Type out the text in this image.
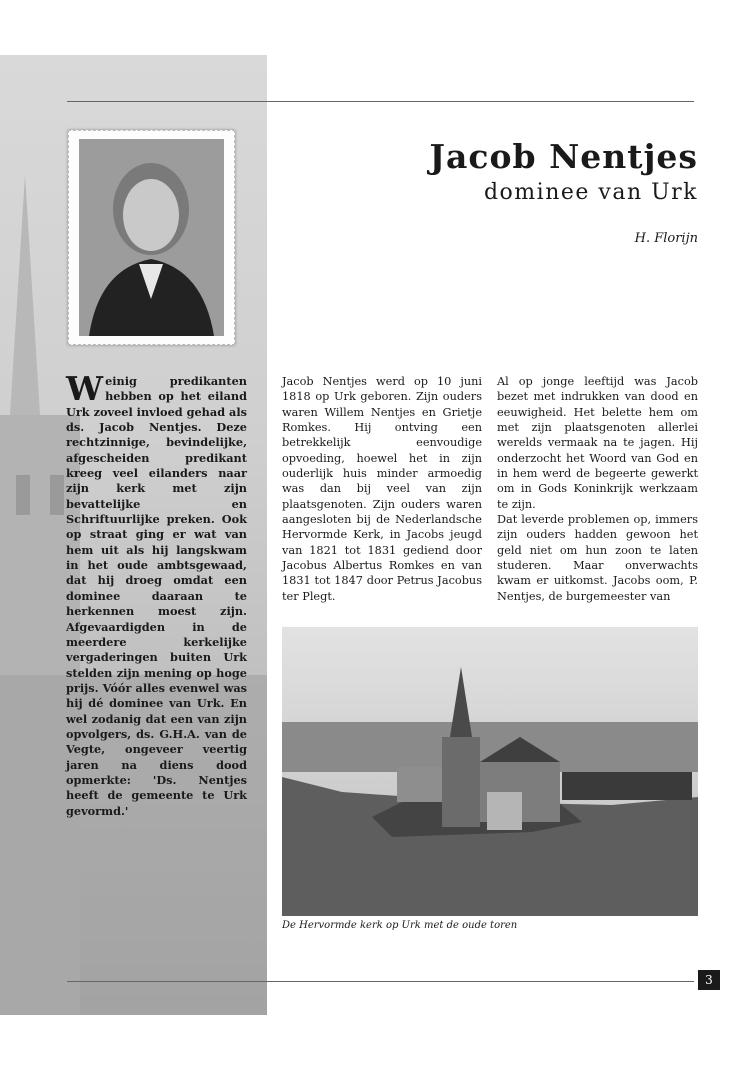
Jacob Nentjes
dominee van Urk
H. Florijn

Weinig predikanten hebben op het eiland Urk zoveel invloed gehad als ds. Jacob Nentjes. Deze rechtzinnige, bevindelijke, afgescheiden predikant kreeg veel eilanders naar zijn kerk met zijn bevattelijke en Schriftuurlijke preken. Ook op straat ging er wat van hem uit als hij langskwam in het oude ambtsgewaad, dat hij droeg omdat een dominee daaraan te herkennen moest zijn. Afgevaardigden in de meerdere kerkelijke vergaderingen buiten Urk stelden zijn mening op hoge prijs. Vóór alles evenwel was hij dé dominee van Urk. En wel zodanig dat een van zijn opvolgers, ds. G.H.A. van de Vegte, ongeveer veertig jaren na diens dood opmerkte: 'Ds. Nentjes heeft de gemeente te Urk gevormd.'

Jacob Nentjes werd op 10 juni 1818 op Urk geboren. Zijn ouders waren Willem Nentjes en Grietje Romkes. Hij ontving een betrekkelijk eenvoudige opvoeding, hoewel het in zijn ouderlijk huis minder armoedig was dan bij veel van zijn plaatsgenoten. Zijn ouders waren aangesloten bij de Nederlandsche Hervormde Kerk, in Jacobs jeugd van 1821 tot 1831 gediend door Jacobus Albertus Romkes en van 1831 tot 1847 door Petrus Jacobus ter Plegt.

Al op jonge leeftijd was Jacob bezet met indrukken van dood en eeuwigheid. Het belette hem om met zijn plaatsgenoten allerlei werelds vermaak na te jagen. Hij onderzocht het Woord van God en in hem werd de begeerte gewerkt om in Gods Koninkrijk werkzaam te zijn.

Dat leverde problemen op, immers zijn ouders hadden gewoon het geld niet om hun zoon te laten studeren. Maar onverwachts kwam er uitkomst. Jacobs oom, P. Nentjes, de burgemeester van

De Hervormde kerk op Urk met de oude toren
3
